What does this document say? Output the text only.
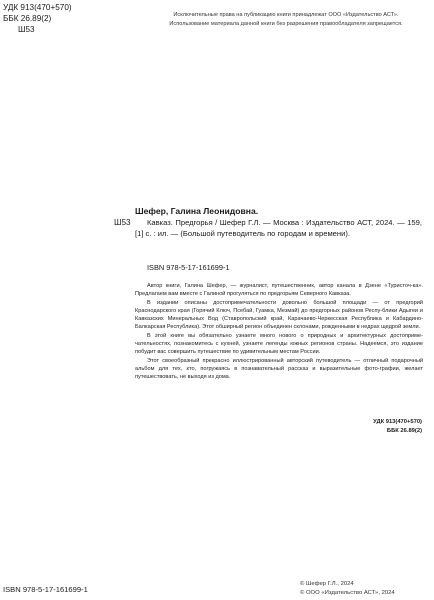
УДК 913(470+570)
ББК 26.89(2)
Ш53
Исключительные права на публикацию книги принадлежат ООО «Издательство АСТ».
Использование материала данной книги без разрешения правообладателя запрещается.
Ш53
Шефер, Галина Леонидовна.
Кавказ. Предгорья / Шефер Г.Л. — Москва : Издательство АСТ, 2024. — 159, [1] с. : ил. — (Большой путеводитель по городам и времени).
ISBN 978-5-17-161699-1

Автор книги, Галина Шефер, — журналист, путешественник, автор канала в Дзене «Туристоч-ка». Предлагаем вам вместе с Галиной прогуляться по предгорьям Северного Кавказа.

В издании описаны достопримечательности довольно большой площади — от предгорий Краснодарского края (Горячий Ключ, Псебай, Гуамка, Мезмай) до предгорных районов Респу-блики Адыгеи и Кавказских Минеральных Вод (Ставропольский край, Карачаево-Черкесская Республика и Кабардино-Балкарская Республика). Этот обширный регион объединен склонами, рожденными в недрах щедрой земли.

В этой книге вы обязательно узнаете много нового о природных и архитектурных достоприме-чательностях, познакомитесь с кухней, узнаете легенды южных регионов страны. Надеемся, это издание побудит вас совершить путешествие по удивительным местам России.

Этот своеобразный прекрасно иллюстрированный авторский путеводитель — отличный подарочный альбом для тех, кто, погружаясь в познавательный рассказ и выразительные фото-графии, желает путешествовать, не выходя из дома.

УДК 913(470+570)
ББК 26.89(2)
ISBN 978-5-17-161699-1
© Шефер Г.Л., 2024
© ООО «Издательство АСТ», 2024
